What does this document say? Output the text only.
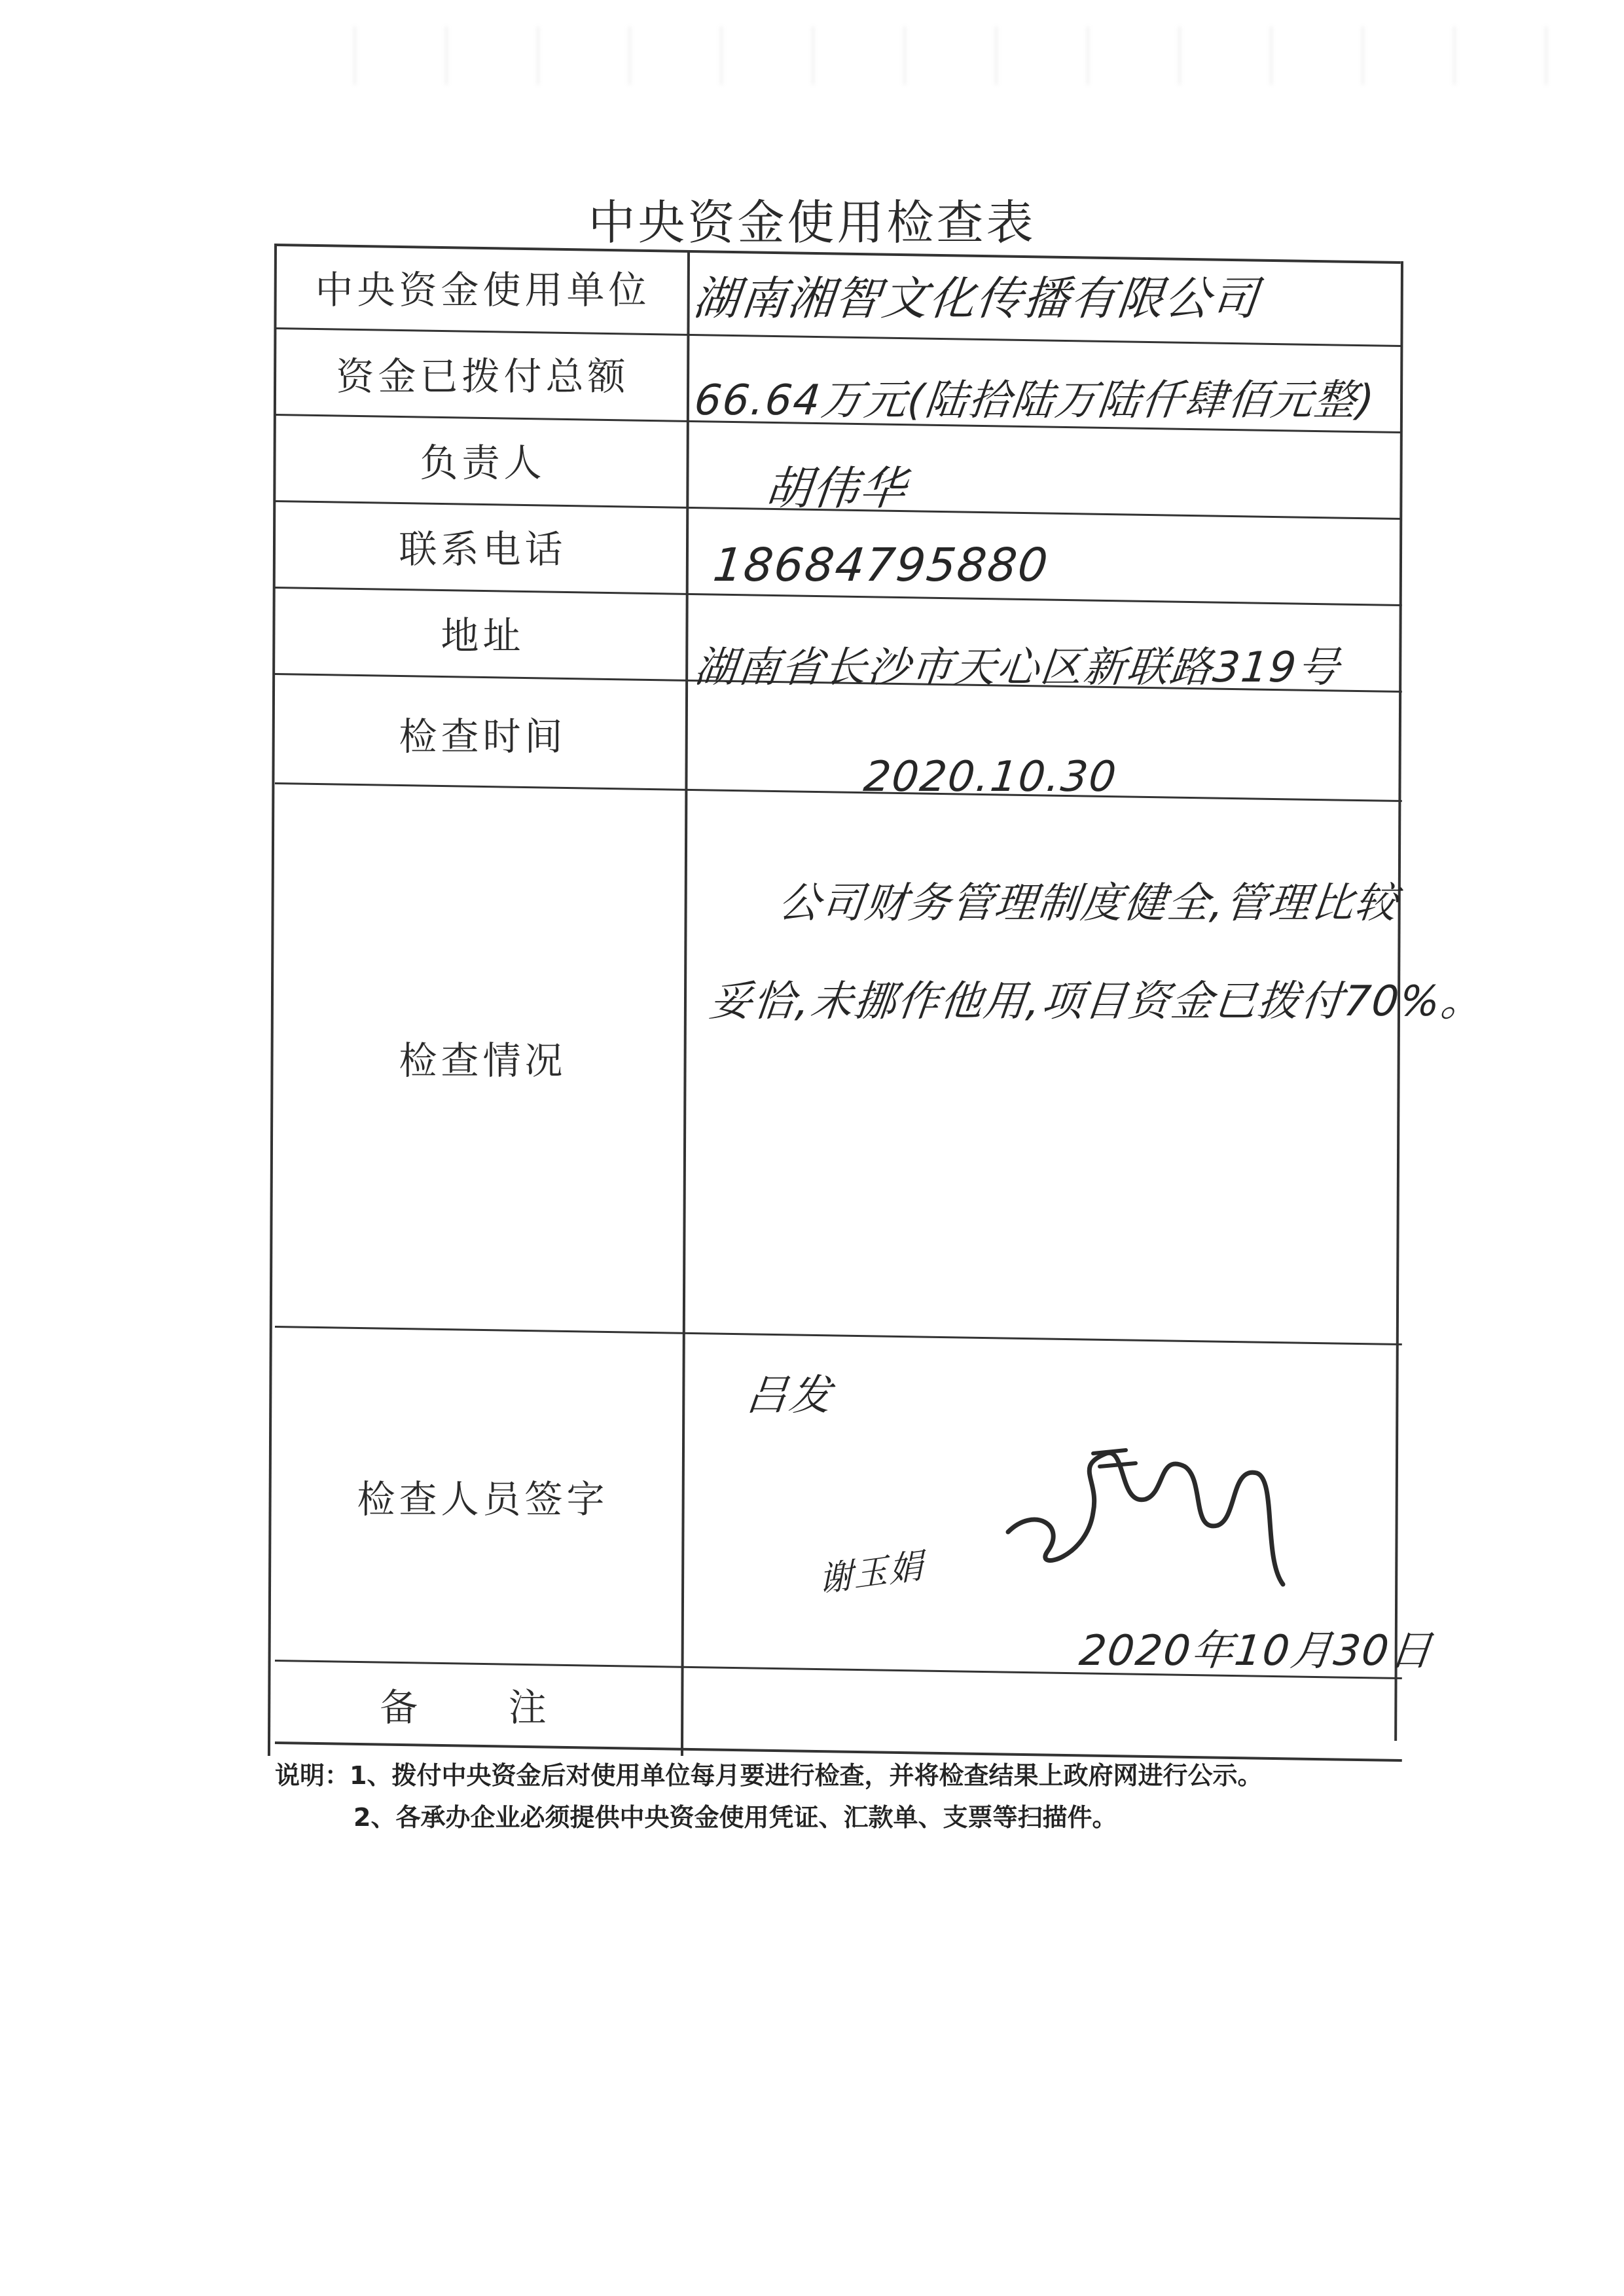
中央资金使用检查表
中央资金使用单位
资金已拨付总额
负责人
联系电话
地址
检查时间
检查情况
检查人员签字
备 注
湖南湘智文化传播有限公司
66.64万元(陆拾陆万陆仟肆佰元整)
胡伟华
18684795880
湖南省长沙市天心区新联路319号
2020.10.30
公司财务管理制度健全,管理比较
妥恰,未挪作他用,项目资金已拨付70%。
吕发
谢玉娟
2020年10月30日
说明：1、拨付中央资金后对使用单位每月要进行检查，并将检查结果上政府网进行公示。
2、各承办企业必须提供中央资金使用凭证、汇款单、支票等扫描件。
